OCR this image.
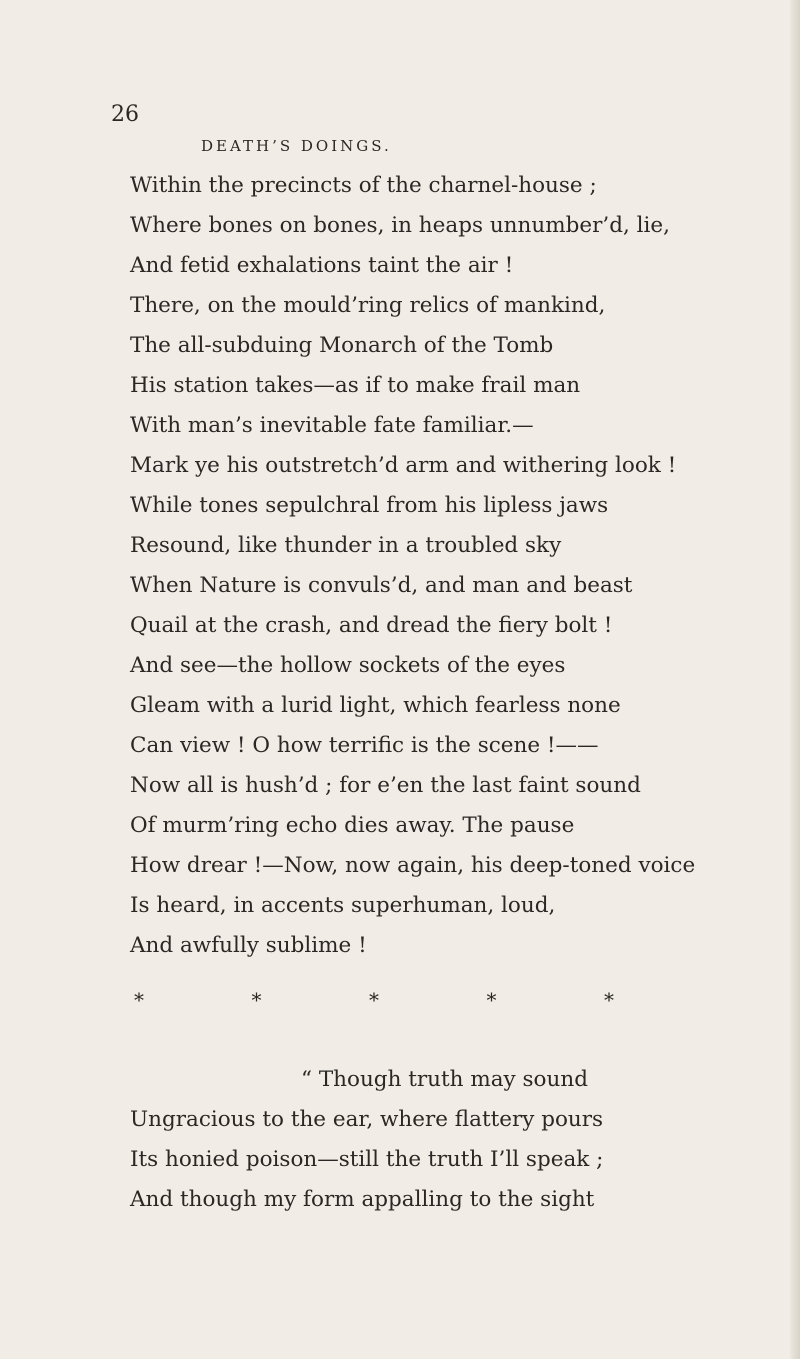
26
DEATH’S DOINGS.
Within the precincts of the charnel-house ;
Where bones on bones, in heaps unnumber’d, lie,
And fetid exhalations taint the air !
There, on the mould’ring relics of mankind,
The all-subduing Monarch of the Tomb
His station takes—as if to make frail man
With man’s inevitable fate familiar.—
Mark ye his outstretch’d arm and withering look !
While tones sepulchral from his lipless jaws
Resound, like thunder in a troubled sky
When Nature is convuls’d, and man and beast
Quail at the crash, and dread the fiery bolt !
And see—the hollow sockets of the eyes
Gleam with a lurid light, which fearless none
Can view ! O how terrific is the scene !——
Now all is hush’d ; for e’en the last faint sound
Of murm’ring echo dies away. The pause
How drear !—Now, now again, his deep-toned voice
Is heard, in accents superhuman, loud,
And awfully sublime !
*	*	*	*	*
“ Though truth may sound
Ungracious to the ear, where flattery pours
Its honied poison—still the truth I’ll speak ;
And though my form appalling to the sight
